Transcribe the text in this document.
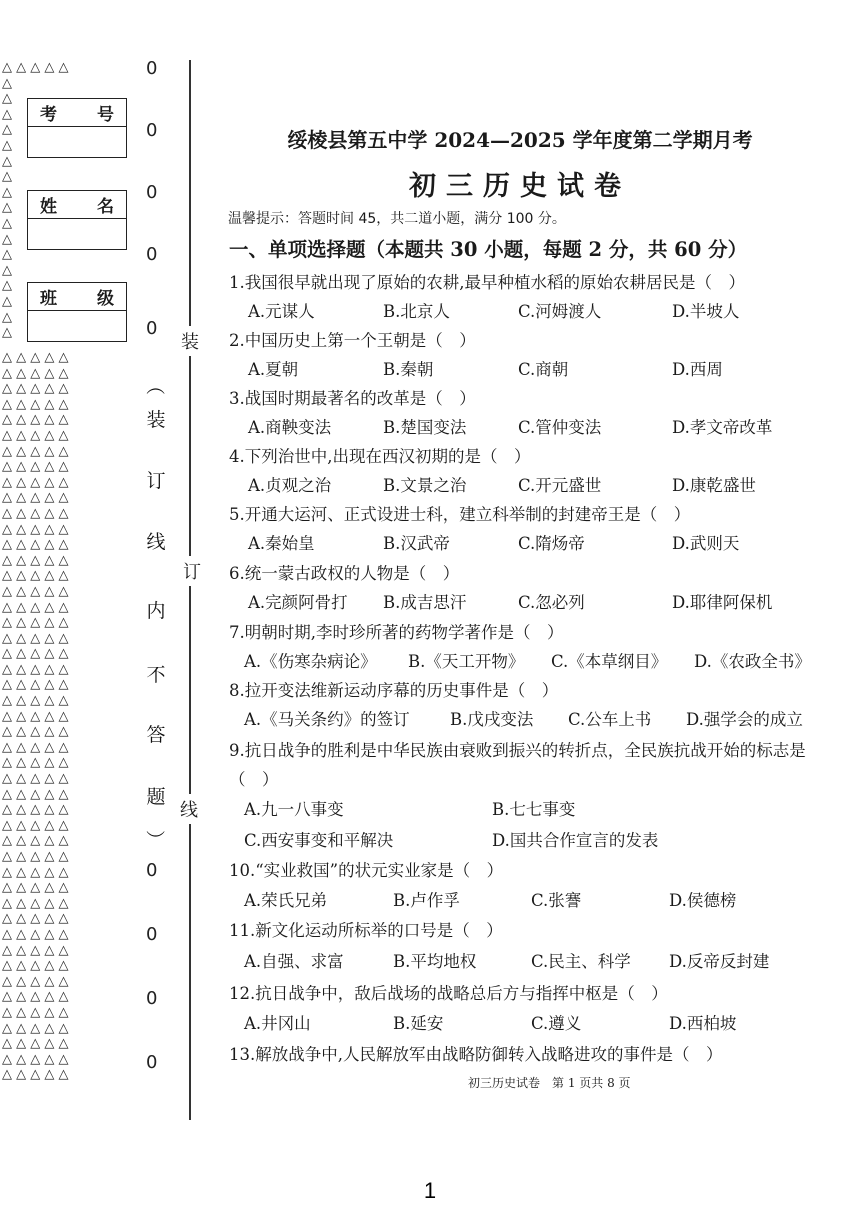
△ △ △ △ △
△
△
△
△
△
△
△
△
△
△
△
△
△
△
△
△
△
△ △ △ △ △
△ △ △ △ △
△ △ △ △ △
△ △ △ △ △
△ △ △ △ △
△ △ △ △ △
△ △ △ △ △
△ △ △ △ △
△ △ △ △ △
△ △ △ △ △
△ △ △ △ △
△ △ △ △ △
△ △ △ △ △
△ △ △ △ △
△ △ △ △ △
△ △ △ △ △
△ △ △ △ △
△ △ △ △ △
△ △ △ △ △
△ △ △ △ △
△ △ △ △ △
△ △ △ △ △
△ △ △ △ △
△ △ △ △ △
△ △ △ △ △
△ △ △ △ △
△ △ △ △ △
△ △ △ △ △
△ △ △ △ △
△ △ △ △ △
△ △ △ △ △
△ △ △ △ △
△ △ △ △ △
△ △ △ △ △
△ △ △ △ △
△ △ △ △ △
△ △ △ △ △
△ △ △ △ △
△ △ △ △ △
△ △ △ △ △
△ △ △ △ △
△ △ △ △ △
△ △ △ △ △
△ △ △ △ △
△ △ △ △ △
△ △ △ △ △
△ △ △ △ △
考 号
姓 名
班 级
0
0
0
0
0
0
0
0
0
（
装
订
线
内
不
答
题
）
装
订
线
绥棱县第五中学 2024—2025 学年度第二学期月考
初三历史试卷
温馨提示：答题时间 45，共二道小题，满分 100 分。
一、单项选择题（本题共 30 小题，每题 2 分，共 60 分）
1.我国很早就出现了原始的农耕,最早种植水稻的原始农耕居民是（　）
A.元谋人	B.北京人	C.河姆渡人	D.半坡人
2.中国历史上第一个王朝是（　）
A.夏朝	B.秦朝	C.商朝	D.西周
3.战国时期最著名的改革是（　）
A.商鞅变法	B.楚国变法	C.管仲变法	D.孝文帝改革
4.下列治世中,出现在西汉初期的是（　）
A.贞观之治	B.文景之治	C.开元盛世	D.康乾盛世
5.开通大运河、正式设进士科，建立科举制的封建帝王是（　）
A.秦始皇	B.汉武帝	C.隋炀帝	D.武则天
6.统一蒙古政权的人物是（　）
A.完颜阿骨打 B.成吉思汗	C.忽必列	D.耶律阿保机
7.明朝时期,李时珍所著的药物学著作是（　）
A.《伤寒杂病论》 B.《天工开物》 C.《本草纲目》 D.《农政全书》
8.拉开变法维新运动序幕的历史事件是（　）
A.《马关条约》的签订 B.戊戌变法 C.公车上书 D.强学会的成立
9.抗日战争的胜利是中华民族由衰败到振兴的转折点，全民族抗战开始的标志是（　）
A.九一八事变	B.七七事变
C.西安事变和平解决	D.国共合作宣言的发表
10.“实业救国”的状元实业家是（　）
A.荣氏兄弟	B.卢作孚	C.张謇	D.侯德榜
11.新文化运动所标举的口号是（　）
A.自强、求富	B.平均地权	C.民主、科学 D.反帝反封建
12.抗日战争中，敌后战场的战略总后方与指挥中枢是（　）
A.井冈山	B.延安	C.遵义	D.西柏坡
13.解放战争中,人民解放军由战略防御转入战略进攻的事件是（　）
初三历史试卷　第 1 页共 8 页
1
